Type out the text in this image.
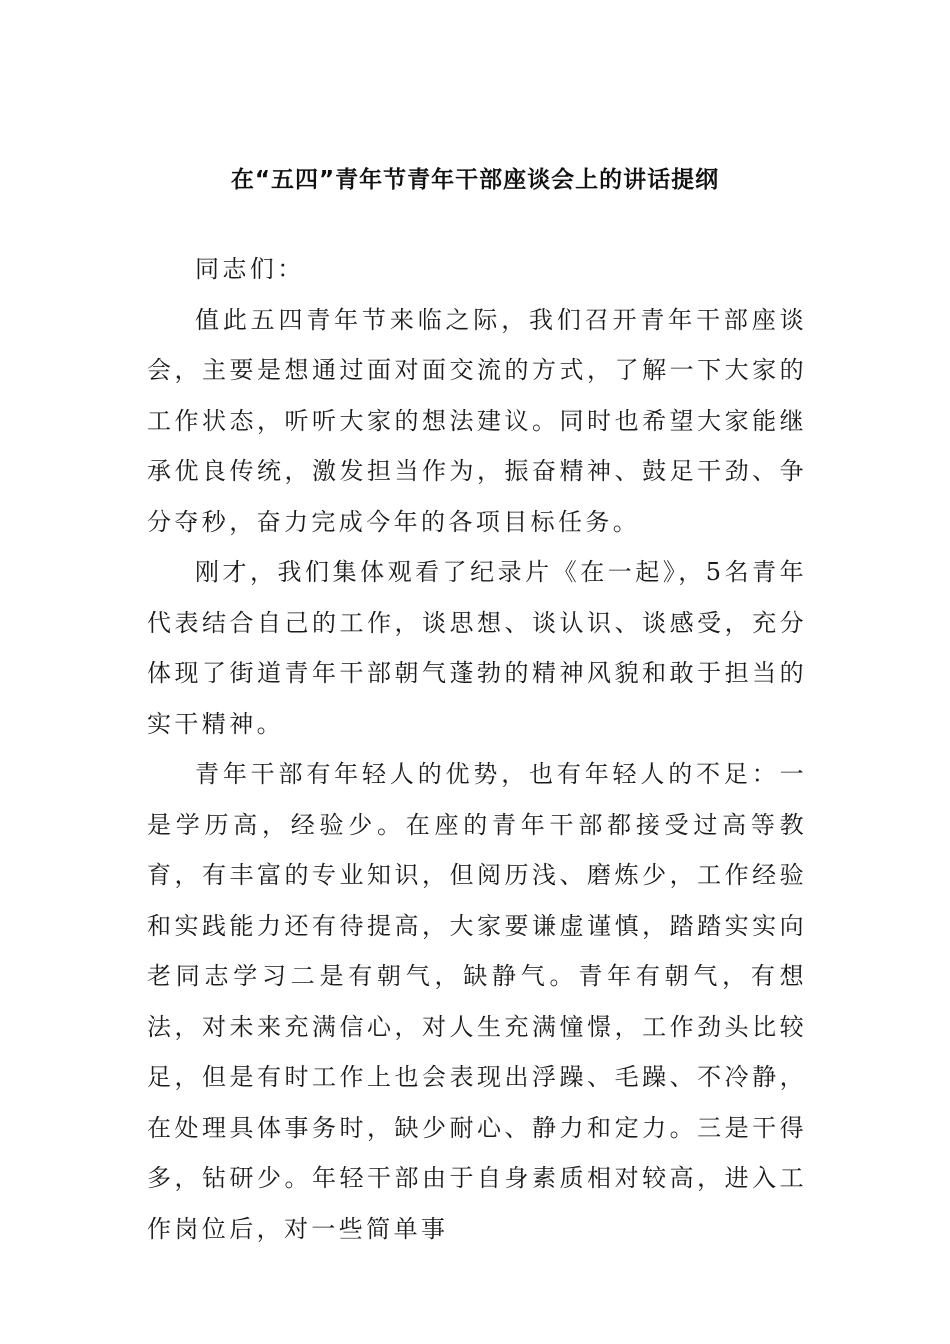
在“五四”青年节青年干部座谈会上的讲话提纲

同志们：

值此五四青年节来临之际，我们召开青年干部座谈会，主要是想通过面对面交流的方式，了解一下大家的工作状态，听听大家的想法建议。同时也希望大家能继承优良传统，激发担当作为，振奋精神、鼓足干劲、争分夺秒，奋力完成今年的各项目标任务。

刚才，我们集体观看了纪录片《在一起》，5名青年代表结合自己的工作，谈思想、谈认识、谈感受，充分体现了街道青年干部朝气蓬勃的精神风貌和敢于担当的实干精神。

青年干部有年轻人的优势，也有年轻人的不足：一是学历高，经验少。在座的青年干部都接受过高等教育，有丰富的专业知识，但阅历浅、磨炼少，工作经验和实践能力还有待提高，大家要谦虚谨慎，踏踏实实向老同志学习二是有朝气，缺静气。青年有朝气，有想法，对未来充满信心，对人生充满憧憬，工作劲头比较足，但是有时工作上也会表现出浮躁、毛躁、不冷静，在处理具体事务时，缺少耐心、静力和定力。三是干得多，钻研少。年轻干部由于自身素质相对较高，进入工作岗位后，对一些简单事
